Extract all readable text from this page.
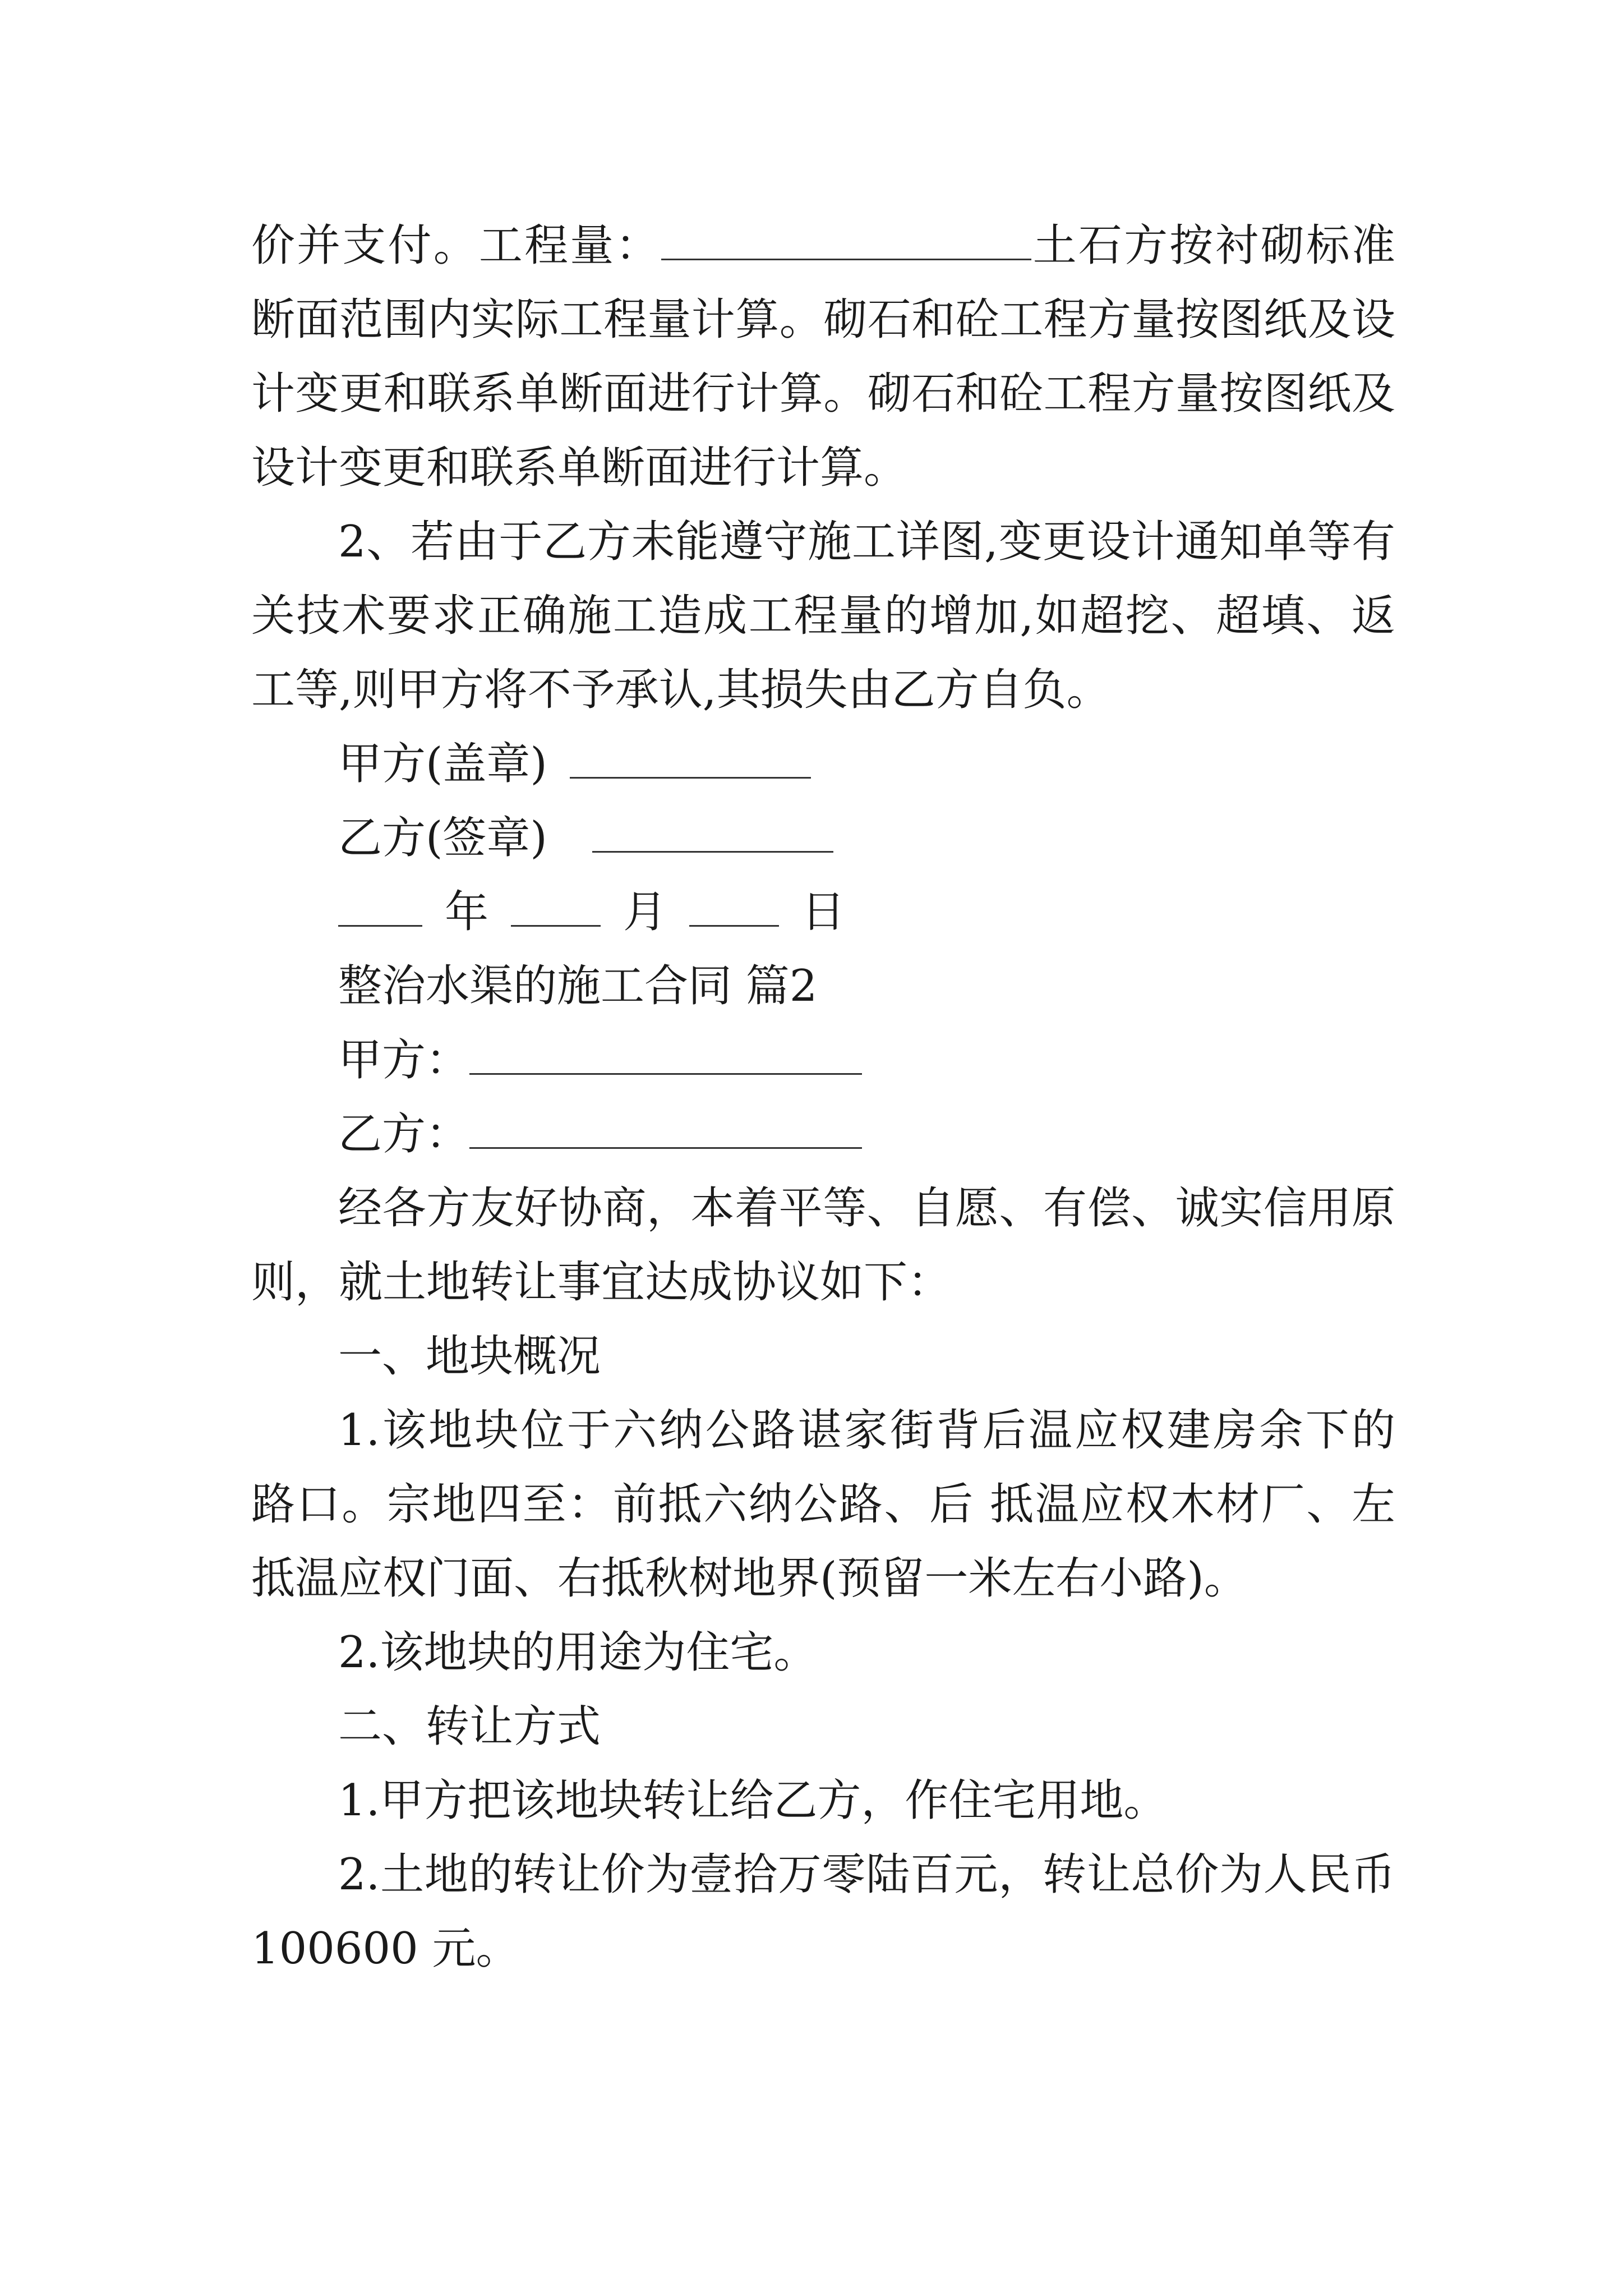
价并支付。工程量：	土石方按衬砌标准
断面范围内实际工程量计算。砌石和砼工程方量按图纸及设
计变更和联系单断面进行计算。砌石和砼工程方量按图纸及
设计变更和联系单断面进行计算。
2、若由于乙方未能遵守施工详图,变更设计通知单等有
关技术要求正确施工造成工程量的增加,如超挖、超填、返
工等,则甲方将不予承认,其损失由乙方自负。
甲方(盖章)
乙方(签章)
年	月	日
整治水渠的施工合同 篇2
甲方：
乙方：
经各方友好协商，本着平等、自愿、有偿、诚实信用原
则，就土地转让事宜达成协议如下：
一、地块概况
1.该地块位于六纳公路谌家街背后温应权建房余下的
路口。宗地四至：前抵六纳公路、后 抵温应权木材厂、左
抵温应权门面、右抵秋树地界(预留一米左右小路)。
2.该地块的用途为住宅。
二、转让方式
1.甲方把该地块转让给乙方，作住宅用地。
2.土地的转让价为壹拾万零陆百元，转让总价为人民币
100600 元。
